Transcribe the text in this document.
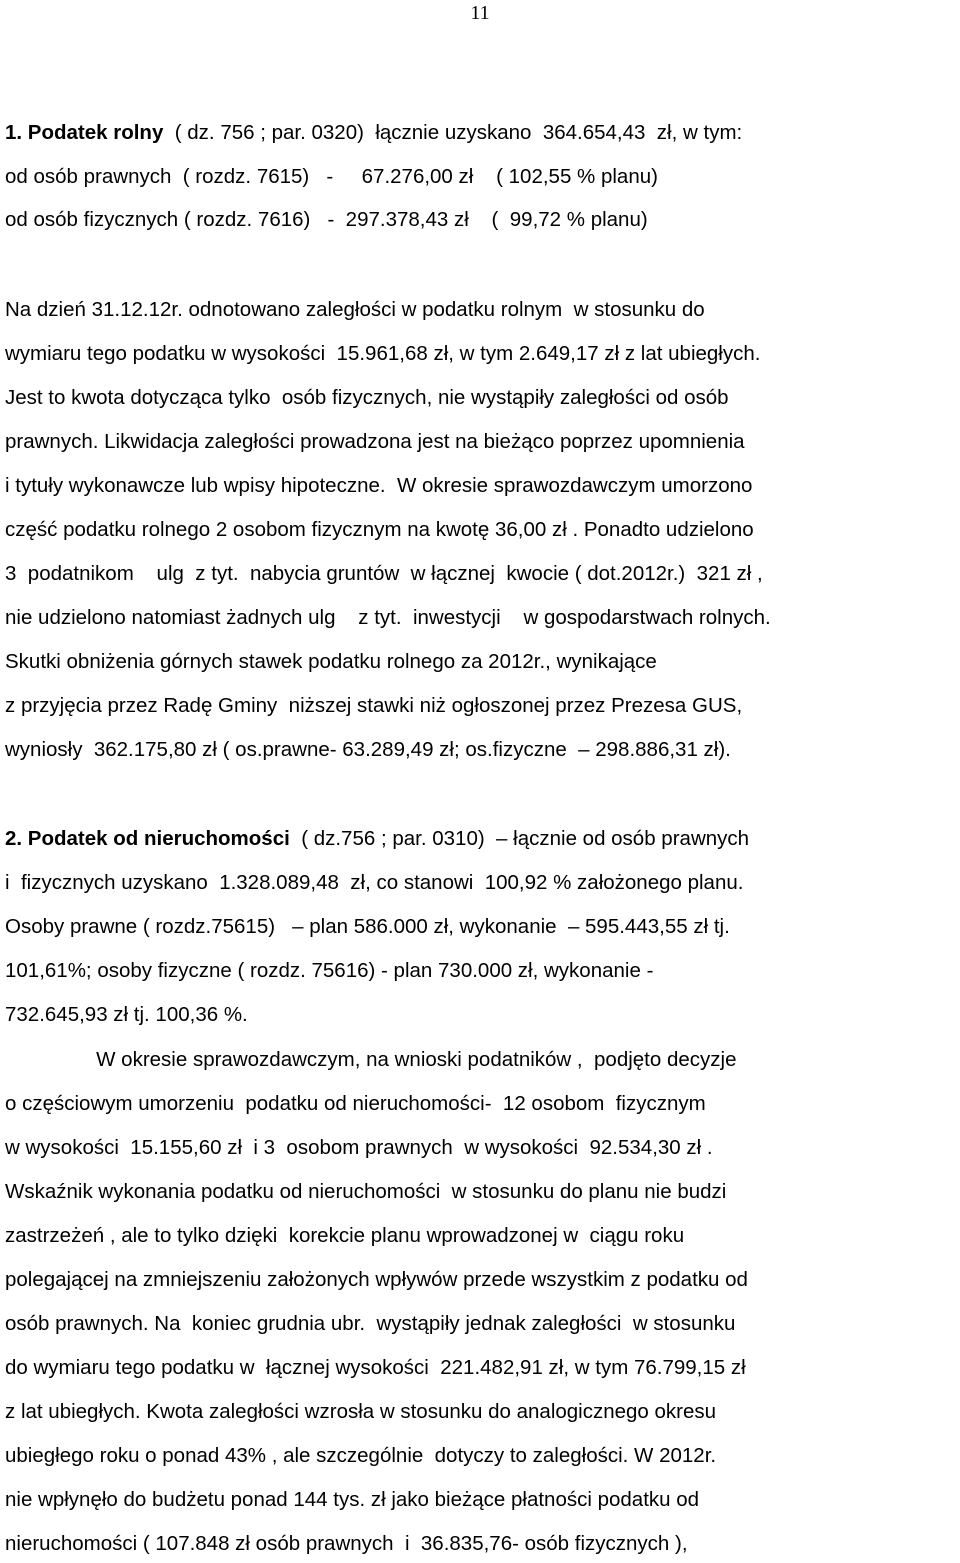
11
1. Podatek rolny  ( dz. 756 ; par. 0320)  łącznie uzyskano  364.654,43  zł, w tym:
od osób prawnych  ( rozdz. 7615)   -     67.276,00 zł    ( 102,55 % planu)
od osób fizycznych ( rozdz. 7616)   -  297.378,43 zł    (  99,72 % planu)
Na dzień 31.12.12r. odnotowano zaległości w podatku rolnym  w stosunku do
wymiaru tego podatku w wysokości  15.961,68 zł, w tym 2.649,17 zł z lat ubiegłych.
Jest to kwota dotycząca tylko  osób fizycznych, nie wystąpiły zaległości od osób
prawnych. Likwidacja zaległości prowadzona jest na bieżąco poprzez upomnienia
i tytuły wykonawcze lub wpisy hipoteczne.  W okresie sprawozdawczym umorzono
część podatku rolnego 2 osobom fizycznym na kwotę 36,00 zł . Ponadto udzielono
3  podatnikom    ulg  z tyt.  nabycia gruntów  w łącznej  kwocie ( dot.2012r.)  321 zł ,
nie udzielono natomiast żadnych ulg    z tyt.  inwestycji    w gospodarstwach rolnych.
Skutki obniżenia górnych stawek podatku rolnego za 2012r., wynikające
z przyjęcia przez Radę Gminy  niższej stawki niż ogłoszonej przez Prezesa GUS,
wyniosły  362.175,80 zł ( os.prawne- 63.289,49 zł; os.fizyczne  – 298.886,31 zł).
2. Podatek od nieruchomości  ( dz.756 ; par. 0310)  – łącznie od osób prawnych
i  fizycznych uzyskano  1.328.089,48  zł, co stanowi  100,92 % założonego planu.
Osoby prawne ( rozdz.75615)   – plan 586.000 zł, wykonanie  – 595.443,55 zł tj.
101,61%; osoby fizyczne ( rozdz. 75616) - plan 730.000 zł, wykonanie -
732.645,93 zł tj. 100,36 %.
W okresie sprawozdawczym, na wnioski podatników ,  podjęto decyzje
o częściowym umorzeniu  podatku od nieruchomości-  12 osobom  fizycznym
w wysokości  15.155,60 zł  i 3  osobom prawnych  w wysokości  92.534,30 zł .
Wskaźnik wykonania podatku od nieruchomości  w stosunku do planu nie budzi
zastrzeżeń , ale to tylko dzięki  korekcie planu wprowadzonej w  ciągu roku
polegającej na zmniejszeniu założonych wpływów przede wszystkim z podatku od
osób prawnych. Na  koniec grudnia ubr.  wystąpiły jednak zaległości  w stosunku
do wymiaru tego podatku w  łącznej wysokości  221.482,91 zł, w tym 76.799,15 zł
z lat ubiegłych. Kwota zaległości wzrosła w stosunku do analogicznego okresu
ubiegłego roku o ponad 43% , ale szczególnie  dotyczy to zaległości. W 2012r.
nie wpłynęło do budżetu ponad 144 tys. zł jako bieżące płatności podatku od
nieruchomości ( 107.848 zł osób prawnych  i  36.835,76- osób fizycznych ),
